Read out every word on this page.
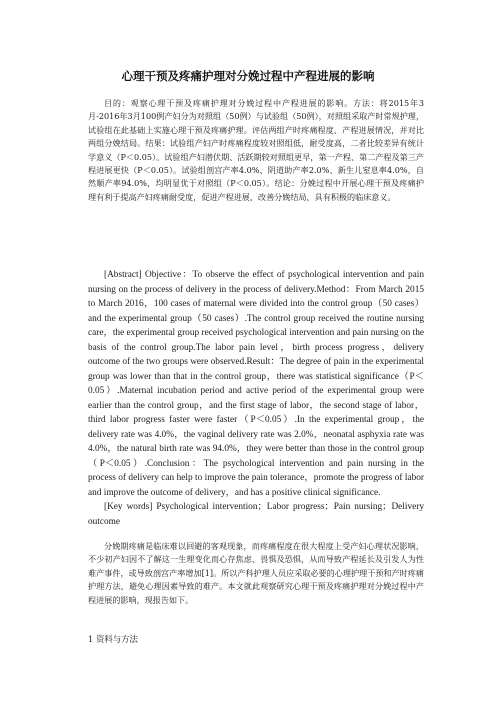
心理干预及疼痛护理对分娩过程中产程进展的影响

目的：观察心理干预及疼痛护理对分娩过程中产程进展的影响。方法：将2015年3月-2016年3月100例产妇分为对照组（50例）与试验组（50例），对照组采取产时常规护理，试验组在此基础上实施心理干预及疼痛护理。评估两组产时疼痛程度、产程进展情况，并对比两组分娩结局。结果：试验组产妇产时疼痛程度较对照组低，耐受度高，二者比较差异有统计学意义（P＜0.05）。试验组产妇潜伏期、活跃期较对照组更早，第一产程、第二产程及第三产程进展更快（P＜0.05）。试验组剖宫产率4.0%、阴道助产率2.0%、新生儿窒息率4.0%，自然顺产率94.0%，均明显优于对照组（P＜0.05）。结论：分娩过程中开展心理干预及疼痛护理有利于提高产妇疼痛耐受度，促进产程进展，改善分娩结局，具有积极的临床意义。

[Abstract] Objective：To observe the effect of psychological intervention and pain nursing on the process of delivery in the process of delivery.Method：From March 2015 to March 2016，100 cases of maternal were divided into the control group（50 cases） and the experimental group（50 cases）.The control group received the routine nursing care，the experimental group received psychological intervention and pain nursing on the basis of the control group.The labor pain level，birth process progress，delivery outcome of the two groups were observed.Result：The degree of pain in the experimental group was lower than that in the control group，there was statistical significance（P＜0.05）.Maternal incubation period and active period of the experimental group were earlier than the control group，and the first stage of labor，the second stage of labor，third labor progress faster were faster（P＜0.05）.In the experimental group，the delivery rate was 4.0%，the vaginal delivery rate was 2.0%，neonatal asphyxia rate was 4.0%，the natural birth rate was 94.0%，they were better than those in the control group（P＜0.05）.Conclusion：The psychological intervention and pain nursing in the process of delivery can help to improve the pain tolerance，promote the progress of labor and improve the outcome of delivery，and has a positive clinical significance.

[Key words] Psychological intervention；Labor progress；Pain nursing；Delivery outcome

分娩期疼痛是临床难以回避的客观现象，而疼痛程度在很大程度上受产妇心理状况影响，不少初产妇因不了解这一生理变化而心存焦虑、畏惧及恐惧，从而导致产程延长及引发人为性难产事件，或导致剖宫产率增加[1]。所以产科护理人员应采取必要的心理护理干预和产时疼痛护理方法，避免心理因素导致的难产。本文就此观察研究心理干预及疼痛护理对分娩过程中产程进展的影响，现报告如下。

1 资料与方法
